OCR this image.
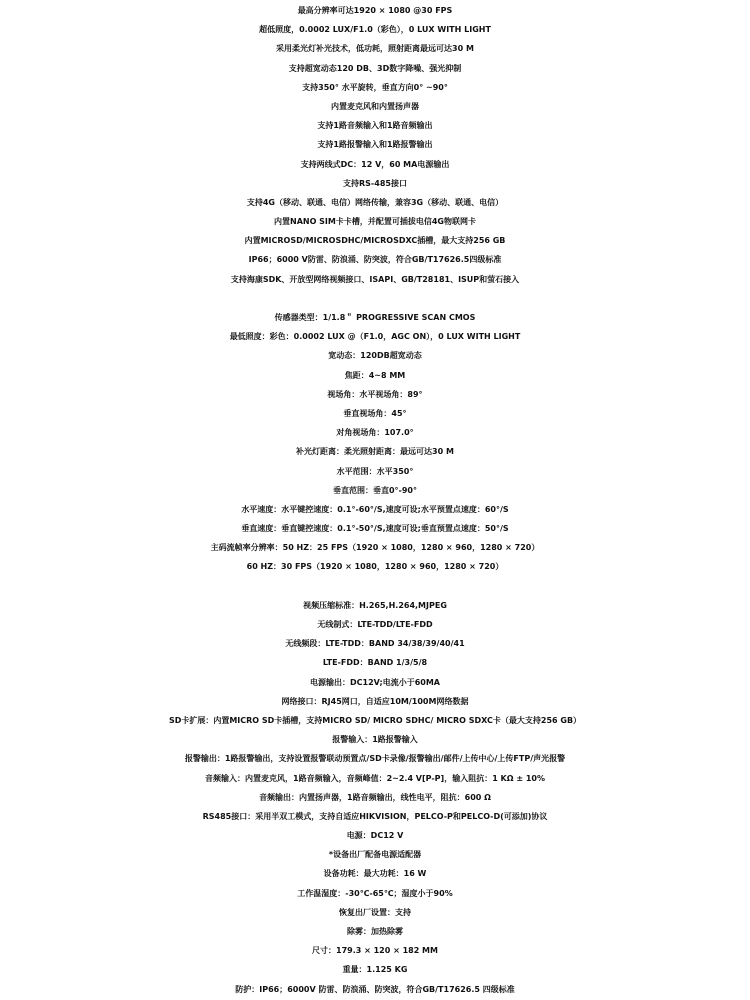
最高分辨率可达1920 × 1080 @30 FPS
超低照度，0.0002 LUX/F1.0（彩色），0 LUX WITH LIGHT
采用柔光灯补光技术，低功耗，照射距离最远可达30 M
支持超宽动态120 DB、3D数字降噪、强光抑制
支持350° 水平旋转，垂直方向0° ~90°
内置麦克风和内置扬声器
支持1路音频输入和1路音频输出
支持1路报警输入和1路报警输出
支持两线式DC：12 V，60 MA电源输出
支持RS-485接口
支持4G（移动、联通、电信）网络传输，兼容3G（移动、联通、电信）
内置NANO SIM卡卡槽，并配置可插拔电信4G物联网卡
内置MICROSD/MICROSDHC/MICROSDXC插槽，最大支持256 GB
IP66；6000 V防雷、防浪涌、防突波，符合GB/T17626.5四级标准
支持海康SDK、开放型网络视频接口、ISAPI、GB/T28181、ISUP和萤石接入
传感器类型：1/1.8＂ PROGRESSIVE SCAN CMOS
最低照度：彩色：0.0002 LUX @（F1.0，AGC ON），0 LUX WITH LIGHT
宽动态：120DB超宽动态
焦距：4~8 MM
视场角：水平视场角：89°
垂直视场角：45°
对角视场角：107.0°
补光灯距离：柔光照射距离：最远可达30 M
水平范围：水平350°
垂直范围：垂直0°-90°
水平速度：水平键控速度：0.1°-60°/S,速度可设;水平预置点速度：60°/S
垂直速度：垂直键控速度：0.1°-50°/S,速度可设;垂直预置点速度：50°/S
主码流帧率分辨率：50 HZ：25 FPS（1920 × 1080，1280 × 960，1280 × 720）
60 HZ：30 FPS（1920 × 1080，1280 × 960，1280 × 720）
视频压缩标准：H.265,H.264,MJPEG
无线制式：LTE-TDD/LTE-FDD
无线频段：LTE-TDD：BAND 34/38/39/40/41
LTE-FDD：BAND 1/3/5/8
电源输出：DC12V;电流小于60MA
网络接口：RJ45网口，自适应10M/100M网络数据
SD卡扩展：内置MICRO SD卡插槽，支持MICRO SD/ MICRO SDHC/ MICRO SDXC卡（最大支持256 GB）
报警输入：1路报警输入
报警输出：1路报警输出，支持设置报警联动预置点/SD卡录像/报警输出/邮件/上传中心/上传FTP/声光报警
音频输入：内置麦克风，1路音频输入，音频峰值：2~2.4 V[P-P]，输入阻抗：1 KΩ ± 10%
音频输出：内置扬声器，1路音频输出，线性电平，阻抗：600 Ω
RS485接口：采用半双工模式，支持自适应HIKVISION，PELCO-P和PELCO-D(可添加)协议
电源：DC12 V
*设备出厂配备电源适配器
设备功耗：最大功耗：16 W
工作温湿度：-30℃-65℃；湿度小于90%
恢复出厂设置：支持
除雾：加热除雾
尺寸：179.3 × 120 × 182 MM
重量：1.125 KG
防护：IP66；6000V 防雷、防浪涌、防突波，符合GB/T17626.5 四级标准
